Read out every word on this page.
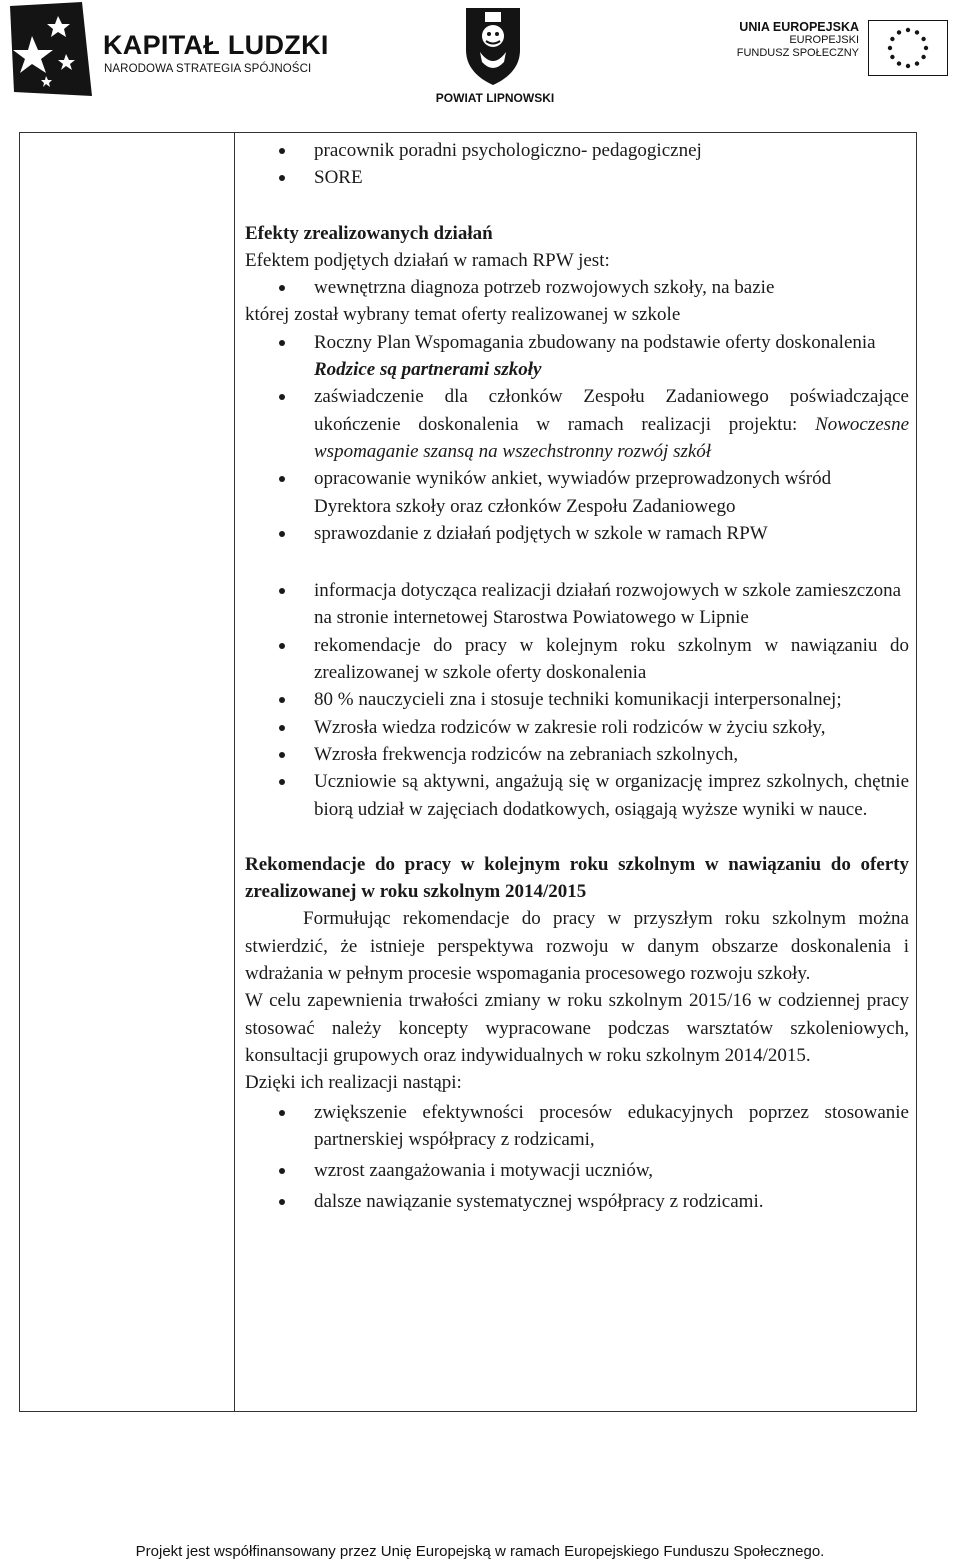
KAPITAŁ LUDZKI
NARODOWA STRATEGIA SPÓJNOŚCI
POWIAT LIPNOWSKI
UNIA EUROPEJSKA
EUROPEJSKI
FUNDUSZ SPOŁECZNY
pracownik poradni psychologiczno- pedagogicznej
SORE

Efekty zrealizowanych działań

Efektem podjętych działań w ramach RPW jest:

wewnętrzna diagnoza potrzeb rozwojowych szkoły, na bazie

której został wybrany temat oferty realizowanej w szkole

Roczny Plan Wspomagania zbudowany na podstawie oferty doskonalenia Rodzice są partnerami szkoły
zaświadczenie dla członków Zespołu Zadaniowego poświadczające ukończenie doskonalenia w ramach realizacji projektu: Nowoczesne wspomaganie szansą na wszechstronny rozwój szkół
opracowanie wyników ankiet, wywiadów przeprowadzonych wśród Dyrektora szkoły oraz członków Zespołu Zadaniowego
sprawozdanie z działań podjętych w szkole w ramach RPW
informacja dotycząca realizacji działań rozwojowych w szkole zamieszczona na stronie internetowej Starostwa Powiatowego w Lipnie
rekomendacje do pracy w kolejnym roku szkolnym w nawiązaniu do zrealizowanej w szkole oferty doskonalenia
80 % nauczycieli zna i stosuje techniki komunikacji interpersonalnej;
Wzrosła wiedza rodziców w zakresie roli rodziców w życiu szkoły,
Wzrosła frekwencja rodziców na zebraniach szkolnych,
Uczniowie są aktywni, angażują się w organizację imprez szkolnych, chętnie biorą udział w zajęciach dodatkowych, osiągają wyższe wyniki w nauce.

Rekomendacje do pracy w kolejnym roku szkolnym w nawiązaniu do oferty zrealizowanej w roku szkolnym 2014/2015

Formułując rekomendacje do pracy w przyszłym roku szkolnym można stwierdzić, że istnieje perspektywa rozwoju w danym obszarze doskonalenia i wdrażania w pełnym procesie wspomagania procesowego rozwoju szkoły.

W celu zapewnienia trwałości zmiany w roku szkolnym 2015/16 w codziennej pracy stosować należy koncepty wypracowane podczas warsztatów szkoleniowych, konsultacji grupowych oraz indywidualnych w roku szkolnym 2014/2015.

Dzięki ich realizacji nastąpi:

zwiększenie efektywności procesów edukacyjnych poprzez stosowanie partnerskiej współpracy z rodzicami,
wzrost zaangażowania i motywacji uczniów,
dalsze nawiązanie systematycznej współpracy z rodzicami.
Projekt jest współfinansowany przez Unię Europejską w ramach Europejskiego Funduszu Społecznego.
